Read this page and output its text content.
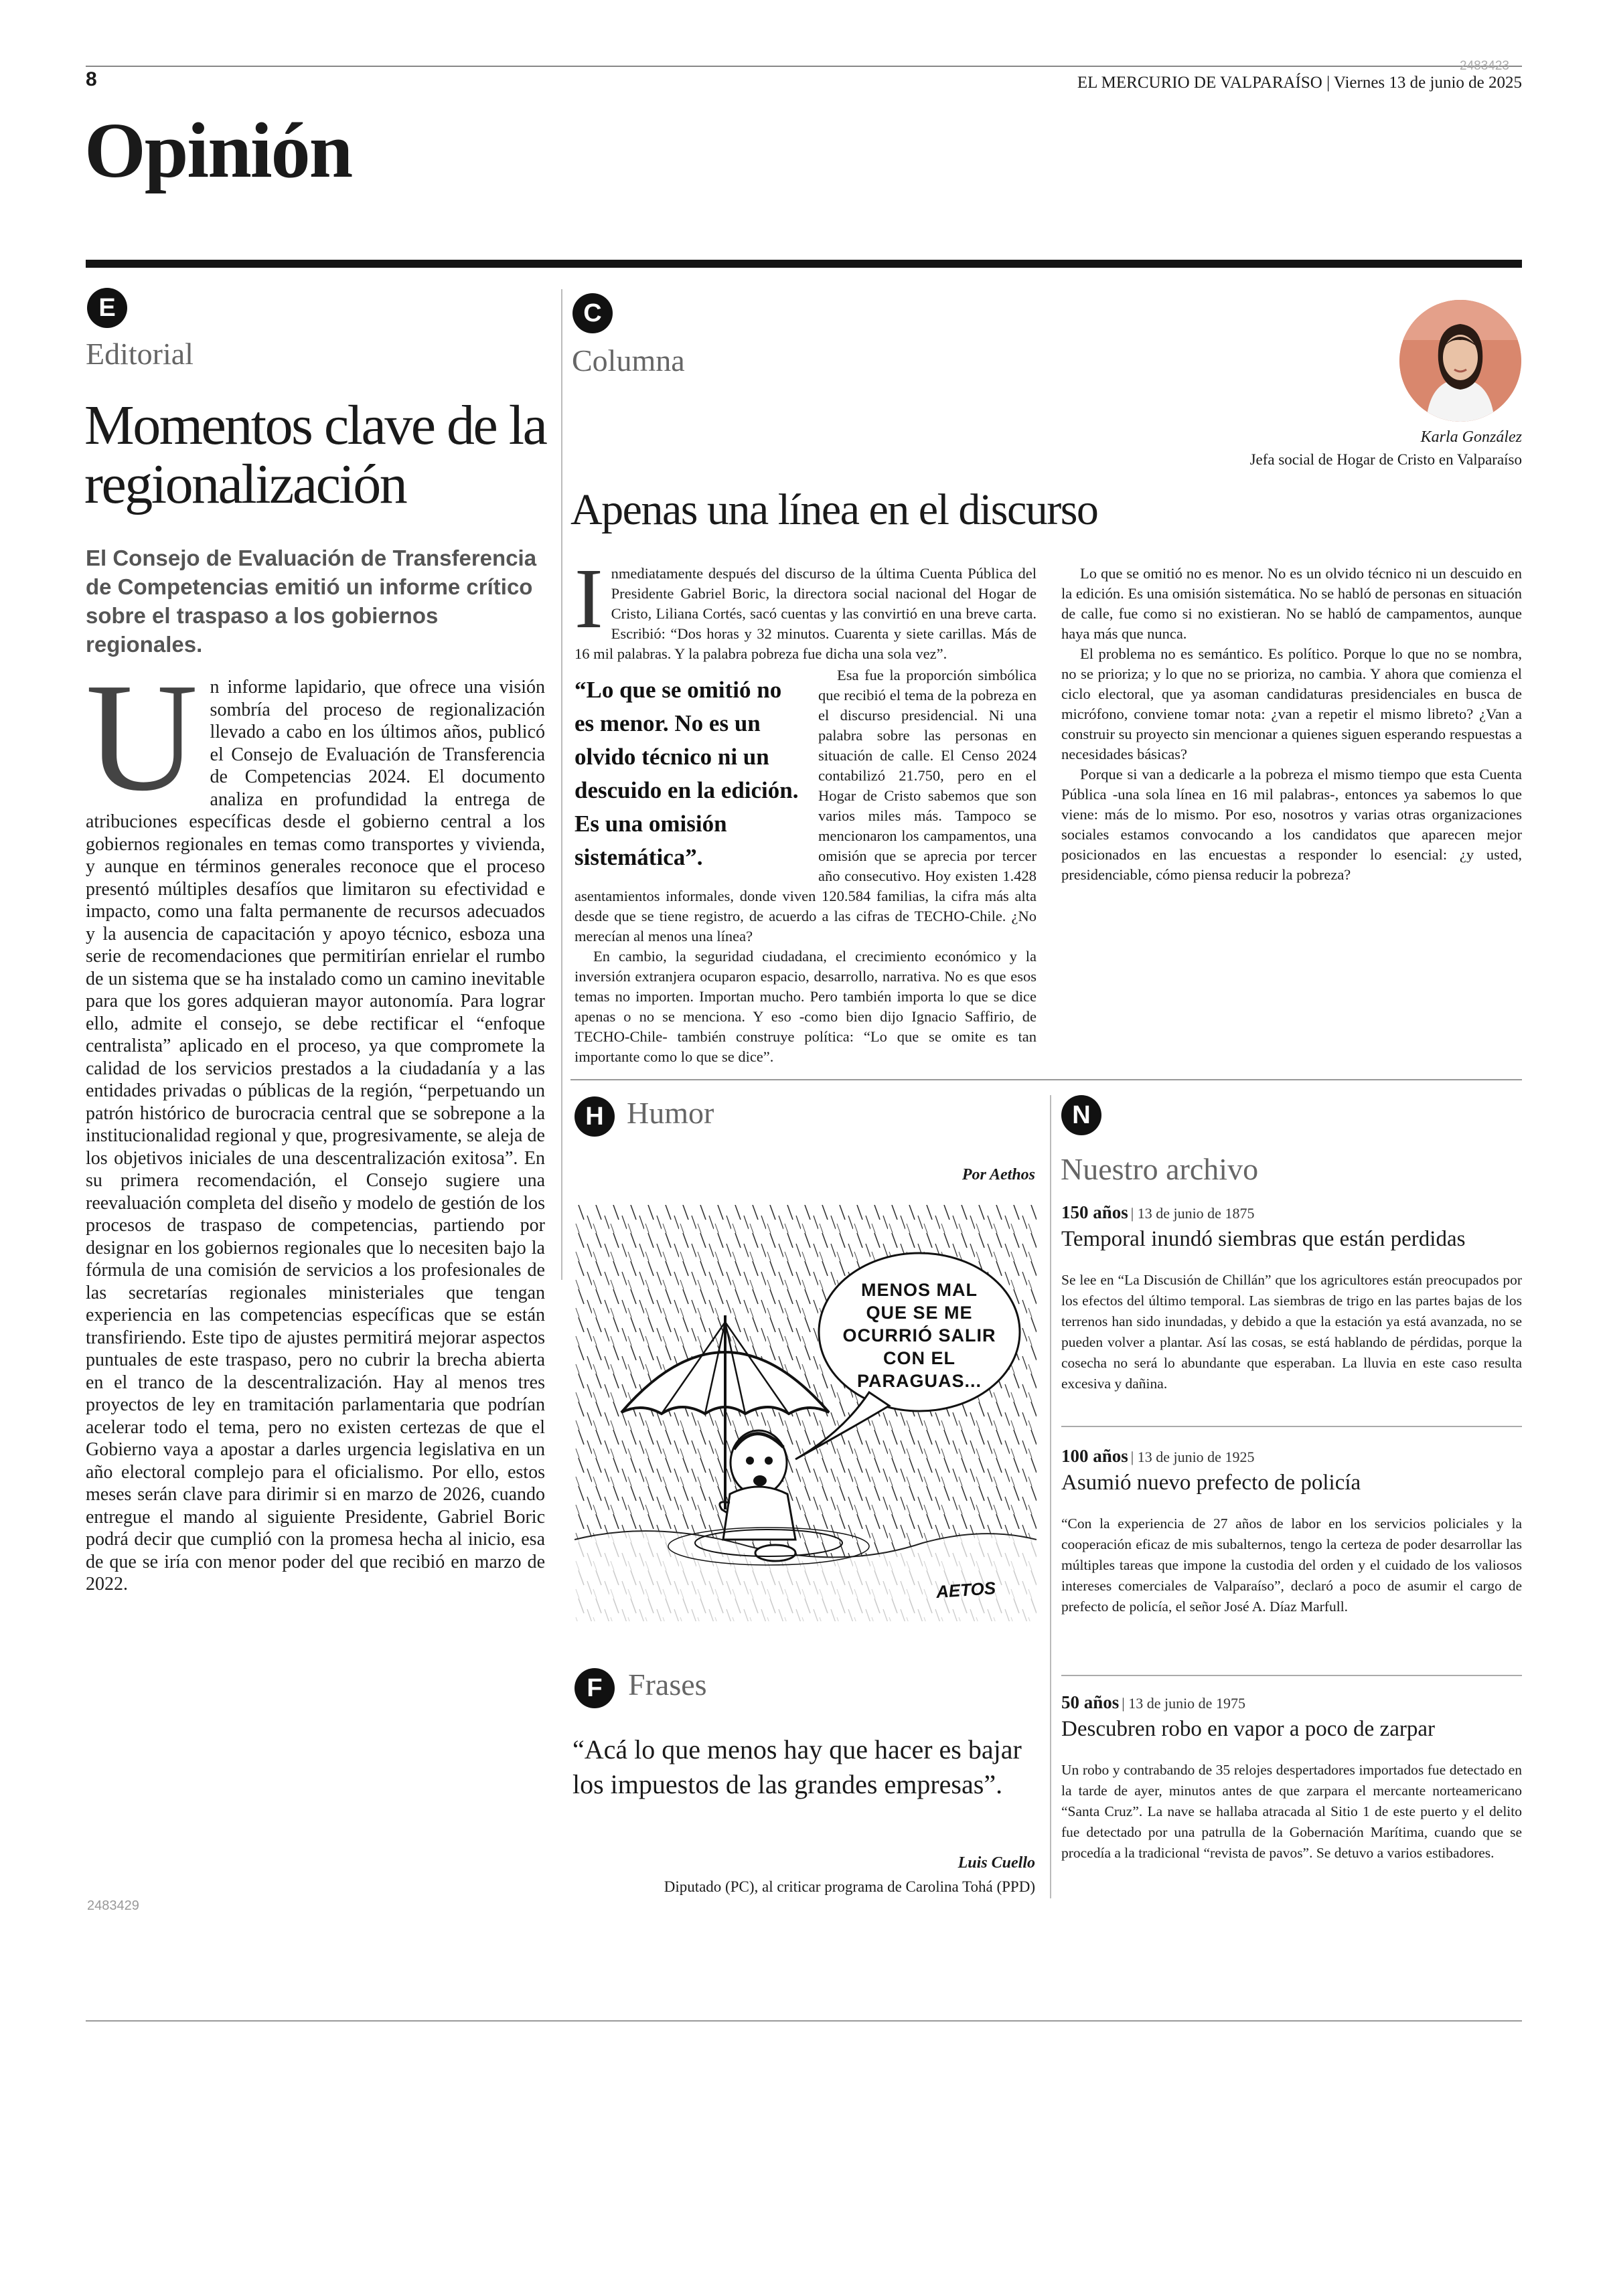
8
2483423
EL MERCURIO DE VALPARAÍSO | Viernes 13 de junio de 2025
Opinión
E
Editorial
Momentos clave de la regionalización
El Consejo de Evaluación de Transferencia de Competencias emitió un informe crítico sobre el traspaso a los gobiernos regionales.
U n informe lapidario, que ofrece una visión sombría del proceso de regionalización llevado a cabo en los últimos años, publicó el Consejo de Evaluación de Transferencia de Competencias 2024. El documento analiza en profundidad la entrega de atribuciones específicas desde el gobierno central a los gobiernos regionales en temas como transportes y vivienda, y aunque en términos generales reconoce que el proceso presentó múltiples desafíos que limitaron su efectividad e impacto, como una falta permanente de recursos adecuados y la ausencia de capacitación y apoyo técnico, esboza una serie de recomendaciones que permitirían enrielar el rumbo de un sistema que se ha instalado como un camino inevitable para que los gores adquieran mayor autonomía. Para lograr ello, admite el consejo, se debe rectificar el “enfoque centralista” aplicado en el proceso, ya que compromete la calidad de los servicios prestados a la ciudadanía y a las entidades privadas o públicas de la región, “perpetuando un patrón histórico de burocracia central que se sobrepone a la institucionalidad regional y que, progresivamente, se aleja de los objetivos iniciales de una descentralización exitosa”. En su primera recomendación, el Consejo sugiere una reevaluación completa del diseño y modelo de gestión de los procesos de traspaso de competencias, partiendo por designar en los gobiernos regionales que lo necesiten bajo la fórmula de una comisión de servicios a los profesionales de las secretarías regionales ministeriales que tengan experiencia en las competencias específicas que se están transfiriendo. Este tipo de ajustes permitirá mejorar aspectos puntuales de este traspaso, pero no cubrir la brecha abierta en el tranco de la descentralización. Hay al menos tres proyectos de ley en tramitación parlamentaria que podrían acelerar todo el tema, pero no existen certezas de que el Gobierno vaya a apostar a darles urgencia legislativa en un año electoral complejo para el oficialismo. Por ello, estos meses serán clave para dirimir si en marzo de 2026, cuando entregue el mando al siguiente Presidente, Gabriel Boric podrá decir que cumplió con la promesa hecha al inicio, esa de que se iría con menor poder del que recibió en marzo de 2022.
2483429
C
Columna
Karla González
Jefa social de Hogar de Cristo en Valparaíso
Apenas una línea en el discurso
I nmediatamente después del discurso de la última Cuenta Pública del Presidente Gabriel Boric, la directora social nacional del Hogar de Cristo, Liliana Cortés, sacó cuentas y las convirtió en una breve carta. Escribió: “Dos horas y 32 minutos. Cuarenta y siete carillas. Más de 16 mil palabras. Y la palabra pobreza fue dicha una sola vez”.
“Lo que se omitió no es menor. No es un olvido técnico ni un descuido en la edición. Es una omisión sistemática”.
Esa fue la proporción simbólica que recibió el tema de la pobreza en el discurso presidencial. Ni una palabra sobre las personas en situación de calle. El Censo 2024 contabilizó 21.750, pero en el Hogar de Cristo sabemos que son varios miles más. Tampoco se mencionaron los campamentos, una omisión que se aprecia por tercer año consecutivo. Hoy existen 1.428 asentamientos informales, donde viven 120.584 familias, la cifra más alta desde que se tiene registro, de acuerdo a las cifras de TECHO-Chile. ¿No merecían al menos una línea?
En cambio, la seguridad ciudadana, el crecimiento económico y la inversión extranjera ocuparon espacio, desarrollo, narrativa. No es que esos temas no importen. Importan mucho. Pero también importa lo que se dice apenas o no se menciona. Y eso -como bien dijo Ignacio Saffirio, de TECHO-Chile- también construye política: “Lo que se omite es tan importante como lo que se dice”.
Lo que se omitió no es menor. No es un olvido técnico ni un descuido en la edición. Es una omisión sistemática. No se habló de personas en situación de calle, fue como si no existieran. No se habló de campamentos, aunque haya más que nunca.
El problema no es semántico. Es político. Porque lo que no se nombra, no se prioriza; y lo que no se prioriza, no cambia. Y ahora que comienza el ciclo electoral, que ya asoman candidaturas presidenciales en busca de micrófono, conviene tomar nota: ¿van a repetir el mismo libreto? ¿Van a construir su proyecto sin mencionar a quienes siguen esperando respuestas a necesidades básicas?
Porque si van a dedicarle a la pobreza el mismo tiempo que esta Cuenta Pública -una sola línea en 16 mil palabras-, entonces ya sabemos lo que viene: más de lo mismo. Por eso, nosotros y varias otras organizaciones sociales estamos convocando a los candidatos que aparecen mejor posicionados en las encuestas a responder lo esencial: ¿y usted, presidenciable, cómo piensa reducir la pobreza?
H Humor
Por Aethos
MENOS MAL QUE SE ME OCURRIÓ SALIR CON EL PARAGUAS...
AETOS
F Frases
“Acá lo que menos hay que hacer es bajar los impuestos de las grandes empresas”.
Luis Cuello
Diputado (PC), al criticar programa de Carolina Tohá (PPD)
N
Nuestro archivo
150 años | 13 de junio de 1875
Temporal inundó siembras que están perdidas
Se lee en “La Discusión de Chillán” que los agricultores están preocupados por los efectos del último temporal. Las siembras de trigo en las partes bajas de los terrenos han sido inundadas, y debido a que la estación ya está avanzada, no se pueden volver a plantar. Así las cosas, se está hablando de pérdidas, porque la cosecha no será lo abundante que esperaban. La lluvia en este caso resulta excesiva y dañina.
100 años | 13 de junio de 1925
Asumió nuevo prefecto de policía
“Con la experiencia de 27 años de labor en los servicios policiales y la cooperación eficaz de mis subalternos, tengo la certeza de poder desarrollar las múltiples tareas que impone la custodia del orden y el cuidado de los valiosos intereses comerciales de Valparaíso”, declaró a poco de asumir el cargo de prefecto de policía, el señor José A. Díaz Marfull.
50 años | 13 de junio de 1975
Descubren robo en vapor a poco de zarpar
Un robo y contrabando de 35 relojes despertadores importados fue detectado en la tarde de ayer, minutos antes de que zarpara el mercante norteamericano “Santa Cruz”. La nave se hallaba atracada al Sitio 1 de este puerto y el delito fue detectado por una patrulla de la Gobernación Marítima, cuando que se procedía a la tradicional “revista de pavos”. Se detuvo a varios estibadores.
